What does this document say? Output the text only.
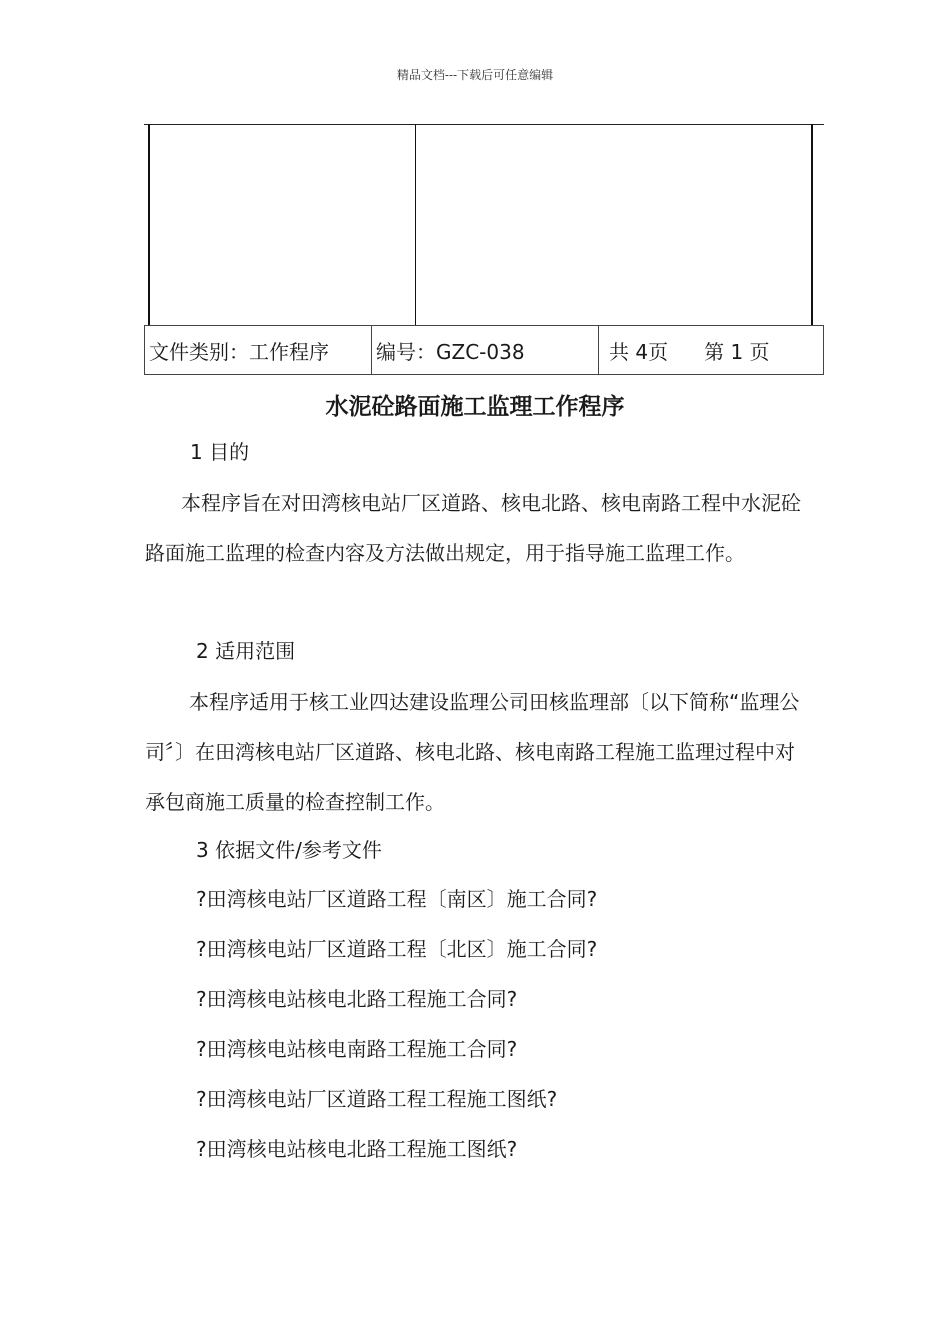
精品文档---下载后可任意编辑
文件类别：工作程序	编号：GZC-038	共 4页 第 1 页
水泥砼路面施工监理工作程序
1 目的
本程序旨在对田湾核电站厂区道路、核电北路、核电南路工程中水泥砼路面施工监理的检查内容及方法做出规定，用于指导施工监理工作。
2 适用范围
本程序适用于核工业四达建设监理公司田核监理部〔以下简称“监理公司〞〕在田湾核电站厂区道路、核电北路、核电南路工程施工监理过程中对承包商施工质量的检查控制工作。
3 依据文件/参考文件
?田湾核电站厂区道路工程〔南区〕施工合同?
?田湾核电站厂区道路工程〔北区〕施工合同?
?田湾核电站核电北路工程施工合同?
?田湾核电站核电南路工程施工合同?
?田湾核电站厂区道路工程工程施工图纸?
?田湾核电站核电北路工程施工图纸?
